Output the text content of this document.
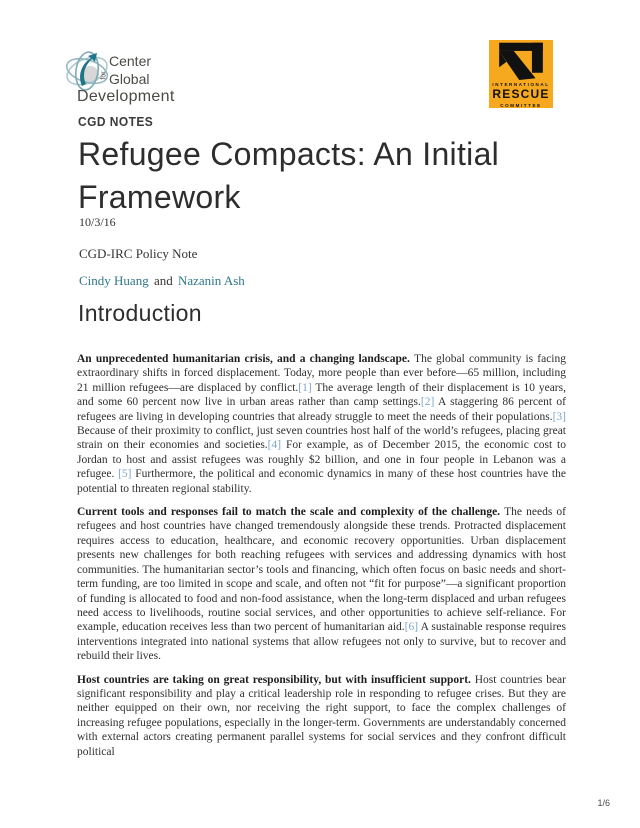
Center
for Global
Development
INTERNATIONAL
RESCUE
COMMITTEE
CGD NOTES
Refugee Compacts: An Initial Framework
10/3/16
CGD-IRC Policy Note
Cindy Huang and Nazanin Ash
Introduction

An unprecedented humanitarian crisis, and a changing landscape. The global community is facing extraordinary shifts in forced displacement. Today, more people than ever before—65 million, including 21 million refugees—are displaced by conflict.[1] The average length of their displacement is 10 years, and some 60 percent now live in urban areas rather than camp settings.[2] A staggering 86 percent of refugees are living in developing countries that already struggle to meet the needs of their populations.[3] Because of their proximity to conflict, just seven countries host half of the world’s refugees, placing great strain on their economies and societies.[4] For example, as of December 2015, the economic cost to Jordan to host and assist refugees was roughly $2 billion, and one in four people in Lebanon was a refugee. [5] Furthermore, the political and economic dynamics in many of these host countries have the potential to threaten regional stability.

Current tools and responses fail to match the scale and complexity of the challenge. The needs of refugees and host countries have changed tremendously alongside these trends. Protracted displacement requires access to education, healthcare, and economic recovery opportunities. Urban displacement presents new challenges for both reaching refugees with services and addressing dynamics with host communities. The humanitarian sector’s tools and financing, which often focus on basic needs and short-term funding, are too limited in scope and scale, and often not “fit for purpose”—a significant proportion of funding is allocated to food and non-food assistance, when the long-term displaced and urban refugees need access to livelihoods, routine social services, and other opportunities to achieve self-reliance. For example, education receives less than two percent of humanitarian aid.[6] A sustainable response requires interventions integrated into national systems that allow refugees not only to survive, but to recover and rebuild their lives.

Host countries are taking on great responsibility, but with insufficient support. Host countries bear significant responsibility and play a critical leadership role in responding to refugee crises. But they are neither equipped on their own, nor receiving the right support, to face the complex challenges of increasing refugee populations, especially in the longer-term. Governments are understandably concerned with external actors creating permanent parallel systems for social services and they confront difficult political

1/6
